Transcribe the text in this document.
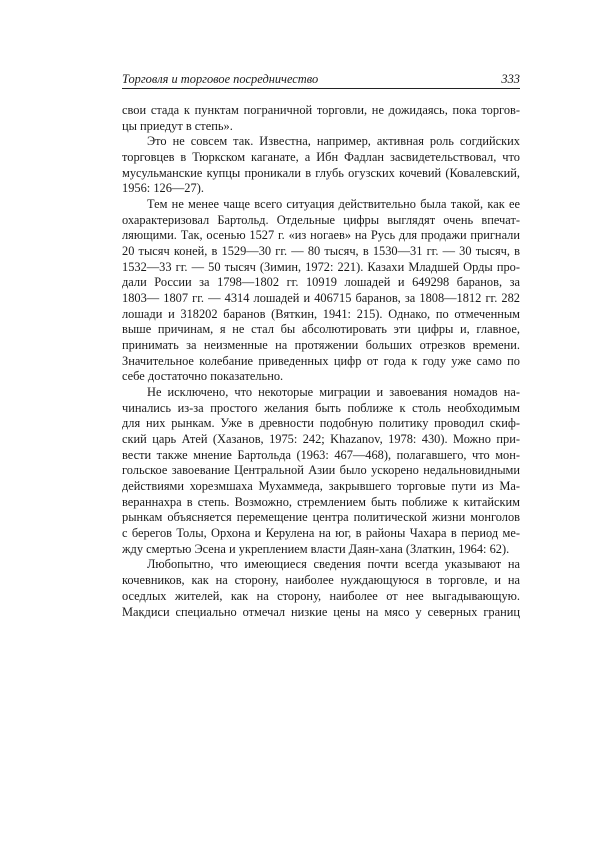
Торговля и торговое посредничество	333

свои стада к пунктам пограничной торговли, не дожидаясь, пока торгов-
цы приедут в степь».

Это не совсем так. Известна, например, активная роль согдийских
торговцев в Тюркском каганате, а Ибн Фадлан засвидетельствовал, что
мусульманские купцы проникали в глубь огузских кочевий (Ковалевский,
1956: 126—27).

Тем не менее чаще всего ситуация действительно была такой, как ее
охарактеризовал Бартольд. Отдельные цифры выглядят очень впечат-
ляющими. Так, осенью 1527 г. «из ногаев» на Русь для продажи пригнали
20 тысяч коней, в 1529—30 гг. — 80 тысяч, в 1530—31 гг. — 30 тысяч, в
1532—33 гг. — 50 тысяч (Зимин, 1972: 221). Казахи Младшей Орды про-
дали России за 1798—1802 гг. 10919 лошадей и 649298 баранов, за
1803— 1807 гг. — 4314 лошадей и 406715 баранов, за 1808—1812 гг. 282
лошади и 318202 баранов (Вяткин, 1941: 215). Однако, по отмеченным
выше причинам, я не стал бы абсолютировать эти цифры и, главное,
принимать за неизменные на протяжении больших отрезков времени.
Значительное колебание приведенных цифр от года к году уже само по
себе достаточно показательно.

Не исключено, что некоторые миграции и завоевания номадов на-
чинались из-за простого желания быть поближе к столь необходимым
для них рынкам. Уже в древности подобную политику проводил скиф-
ский царь Атей (Хазанов, 1975: 242; Khazanov, 1978: 430). Можно при-
вести также мнение Бартольда (1963: 467—468), полагавшего, что мон-
гольское завоевание Центральной Азии было ускорено недальновидными
действиями хорезмшаха Мухаммеда, закрывшего торговые пути из Ма-
вераннахра в степь. Возможно, стремлением быть поближе к китайским
рынкам объясняется перемещение центра политической жизни монголов
с берегов Толы, Орхона и Керулена на юг, в районы Чахара в период ме-
жду смертью Эсена и укреплением власти Даян-хана (Златкин, 1964: 62).

Любопытно, что имеющиеся сведения почти всегда указывают на
кочевников, как на сторону, наиболее нуждающуюся в торговле, и на
оседлых жителей, как на сторону, наиболее от нее выгадывающую.
Макдиси специально отмечал низкие цены на мясо у северных границ
